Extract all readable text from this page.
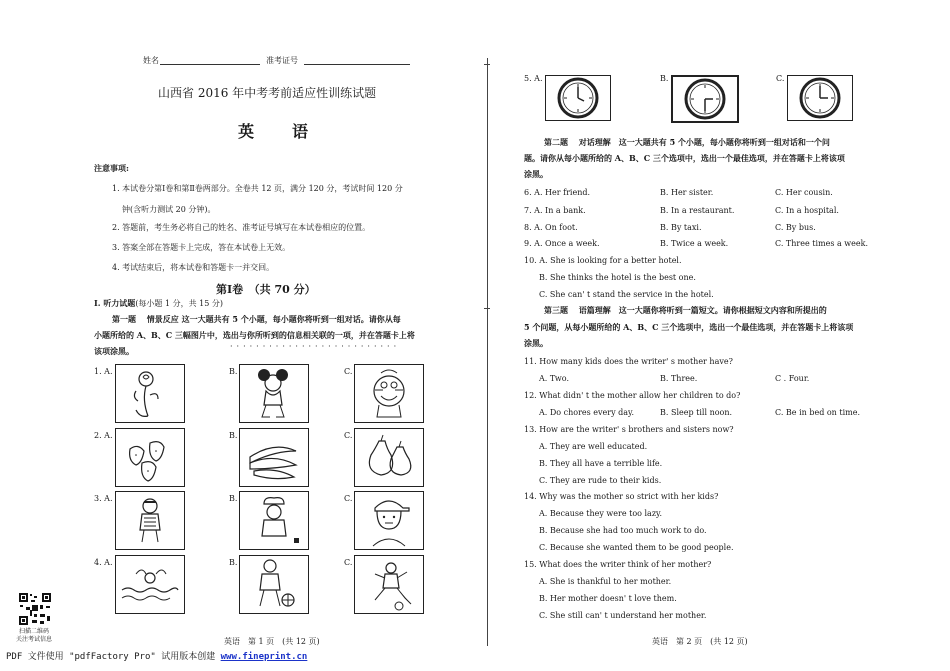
姓名	准考证号
山西省 2016 年中考考前适应性训练试题
英　　语
注意事项:
1. 本试卷分第Ⅰ卷和第Ⅱ卷两部分。全卷共 12 页，满分 120 分，考试时间 120 分
钟(含听力测试 20 分钟)。
2. 答题前，考生务必将自己的姓名、准考证号填写在本试卷相应的位置。
3. 答案全部在答题卡上完成，答在本试卷上无效。
4. 考试结束后，将本试卷和答题卡一并交回。
第Ⅰ卷　（共 70 分）
Ⅰ. 听力试题(每小题 1 分，共 15 分)
第一题　 情景反应 这一大题共有 5 个小题，每小题你将听到一组对话。请你从每
小题所给的 A、B、C 三幅图片中，选出与你所听到的信息相关联的一项，并在答题卡上将
··························
该项涂黑。
1. A.	B.	C.
2. A.	B.	C.
3. A.	B.	C.
4. A.	B.	C.
扫描二维码
关注考试信息	英语　第 1 页　(共 12 页)
PDF 文件使用 "pdfFactory Pro" 试用版本创建 www.fineprint.cn
5. A.	B.	C.
第二题　 对话理解　这一大题共有 5 个小题，每小题你将听到一组对话和一个问
题。请你从每小题所给的 A、B、C 三个选项中，选出一个最佳选项，并在答题卡上将该项
涂黑。
6. A. Her friend.	B. Her sister.	C. Her cousin.
7. A. In a bank.	B. In a restaurant.	C. In a hospital.
8. A. On foot.	B. By taxi.	C. By bus.
9. A. Once a week.	B. Twice a week.	C. Three times a week.
10. A. She is looking for a better hotel.
B. She thinks the hotel is the best one.
C. She can' t stand the service in the hotel.
第三题　 语篇理解　这一大题你将听到一篇短文。请你根据短文内容和所提出的
5 个问题，从每小题所给的 A、B、C 三个选项中，选出一个最佳选项，并在答题卡上将该项
涂黑。
11. How many kids does the writer' s mother have?
A. Two.	B. Three.	C . Four.
12. What didn' t the mother allow her children to do?
A. Do chores every day.	B. Sleep till noon.	C. Be in bed on time.
13. How are the writer' s brothers and sisters now?
A. They are well educated.
B. They all have a terrible life.
C. They are rude to their kids.
14. Why was the mother so strict with her kids?
A. Because they were too lazy.
B. Because she had too much work to do.
C. Because she wanted them to be good people.
15. What does the writer think of her mother?
A. She is thankful to her mother.
B. Her mother doesn' t love them.
C. She still can' t understand her mother.
英语　第 2 页　(共 12 页)
